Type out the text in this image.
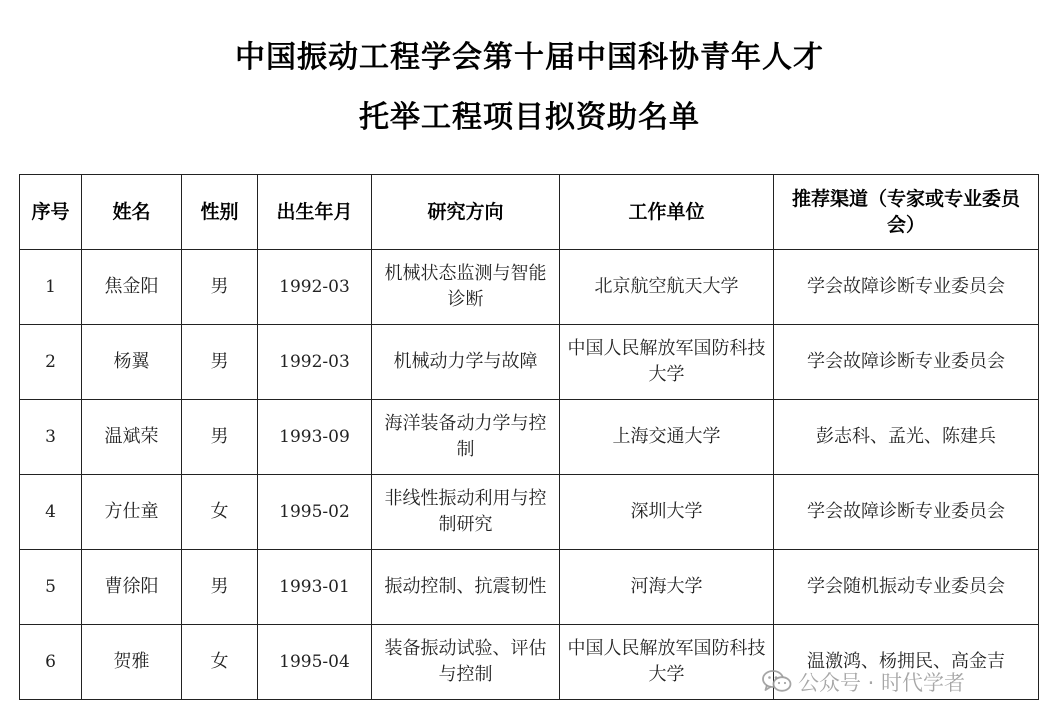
中国振动工程学会第十届中国科协青年人才
托举工程项目拟资助名单
序号	姓名	性别	出生年月	研究方向	工作单位	推荐渠道（专家或专业委员会）
1	焦金阳	男	1992-03	机械状态监测与智能诊断	北京航空航天大学	学会故障诊断专业委员会
2	杨翼	男	1992-03	机械动力学与故障	中国人民解放军国防科技大学	学会故障诊断专业委员会
3	温斌荣	男	1993-09	海洋装备动力学与控制	上海交通大学	彭志科、孟光、陈建兵
4	方仕童	女	1995-02	非线性振动利用与控制研究	深圳大学	学会故障诊断专业委员会
5	曹徐阳	男	1993-01	振动控制、抗震韧性	河海大学	学会随机振动专业委员会
6	贺雅	女	1995-04	装备振动试验、评估与控制	中国人民解放军国防科技大学	温激鸿、杨拥民、高金吉
公众号 · 时代学者
